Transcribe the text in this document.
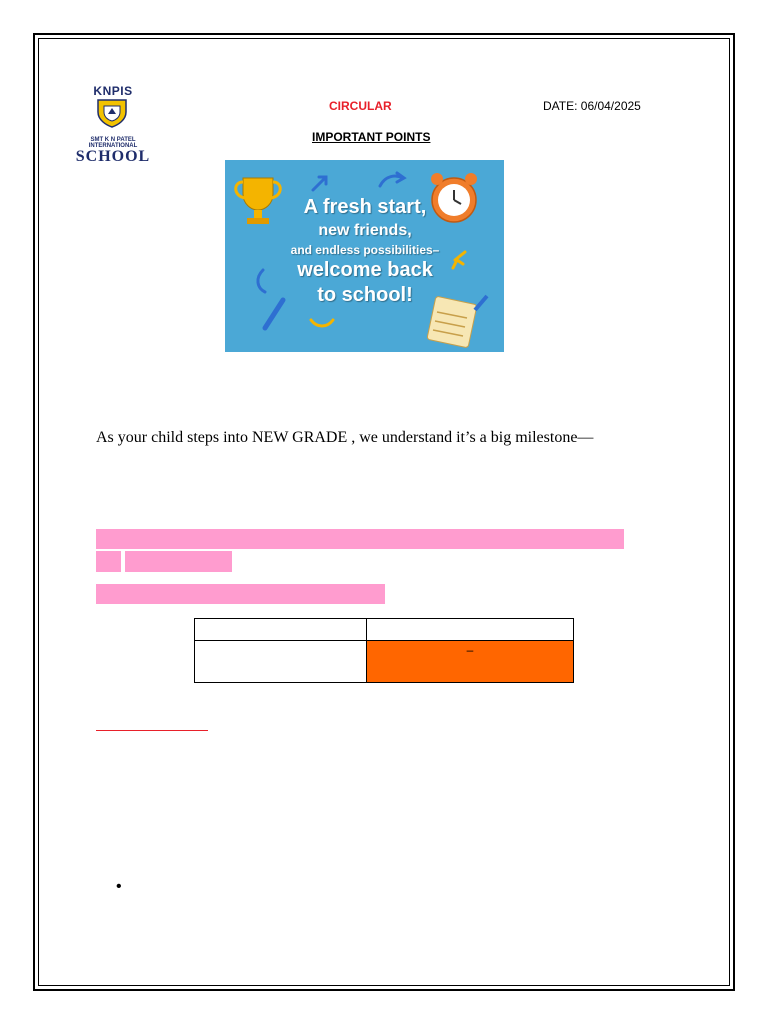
KNPIS
SMT K N PATEL
INTERNATIONAL
SCHOOL
CIRCULAR	DATE: 06/04/2025
IMPORTANT POINTS
A fresh start,
new friends,
and endless possibilities–
welcome back
to school!
As your child steps into NEW GRADE , we understand it’s a big milestone—

	–
•
